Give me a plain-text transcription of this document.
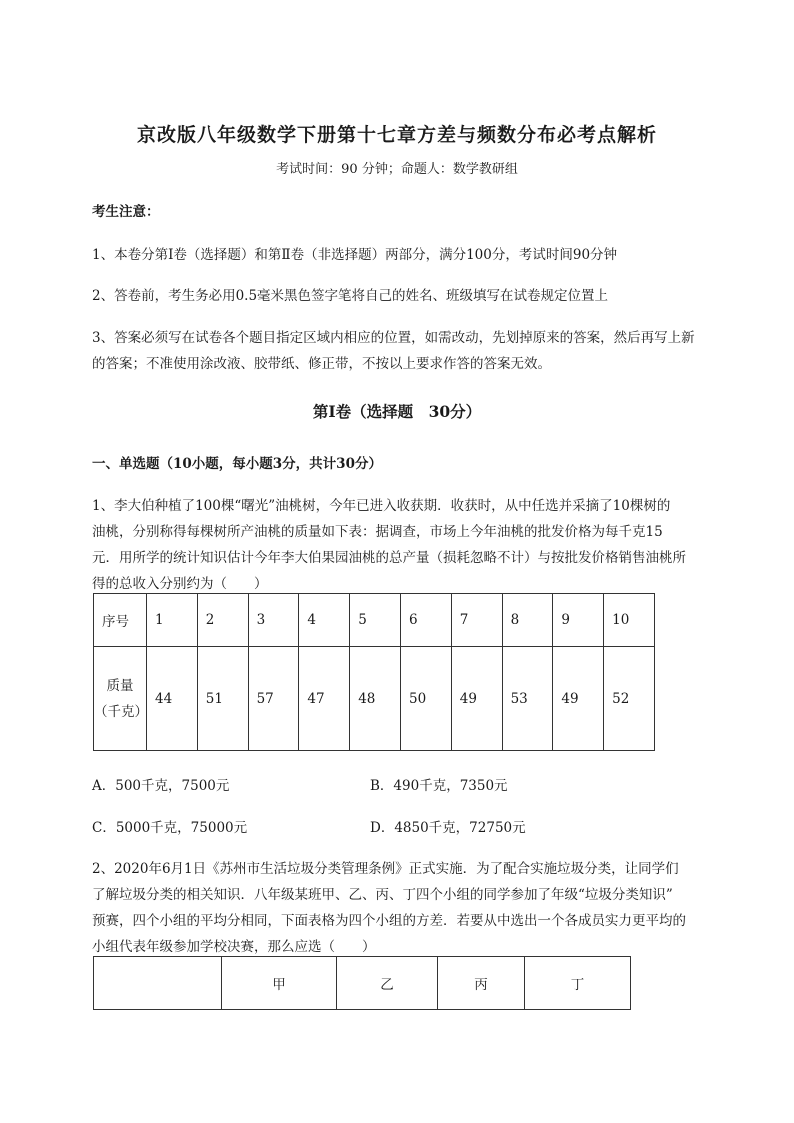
京改版八年级数学下册第十七章方差与频数分布必考点解析
考试时间：90 分钟；命题人：数学教研组
考生注意：
1、本卷分第I卷（选择题）和第Ⅱ卷（非选择题）两部分，满分100分，考试时间90分钟
2、答卷前，考生务必用0.5毫米黑色签字笔将自己的姓名、班级填写在试卷规定位置上
3、答案必须写在试卷各个题目指定区域内相应的位置，如需改动，先划掉原来的答案，然后再写上新
的答案；不准使用涂改液、胶带纸、修正带，不按以上要求作答的答案无效。
第I卷（选择题　30分）
一、单选题（10小题，每小题3分，共计30分）
1、李大伯种植了100棵“曙光”油桃树，今年已进入收获期．收获时，从中任选并采摘了10棵树的
油桃，分别称得每棵树所产油桃的质量如下表：据调查，市场上今年油桃的批发价格为每千克15
元．用所学的统计知识估计今年李大伯果园油桃的总产量（损耗忽略不计）与按批发价格销售油桃所
得的总收入分别约为（　　）
序号	1	2	3	4	5	6	7	8	9	10
质量（千克）	44	51	57	47	48	50	49	53	49	52
A．500千克，7500元	B．490千克，7350元
C．5000千克，75000元	D．4850千克，72750元
2、2020年6月1日《苏州市生活垃圾分类管理条例》正式实施．为了配合实施垃圾分类，让同学们
了解垃圾分类的相关知识．八年级某班甲、乙、丙、丁四个小组的同学参加了年级“垃圾分类知识”
预赛，四个小组的平均分相同，下面表格为四个小组的方差．若要从中选出一个各成员实力更平均的
小组代表年级参加学校决赛，那么应选（　　）
	甲	乙	丙	丁
